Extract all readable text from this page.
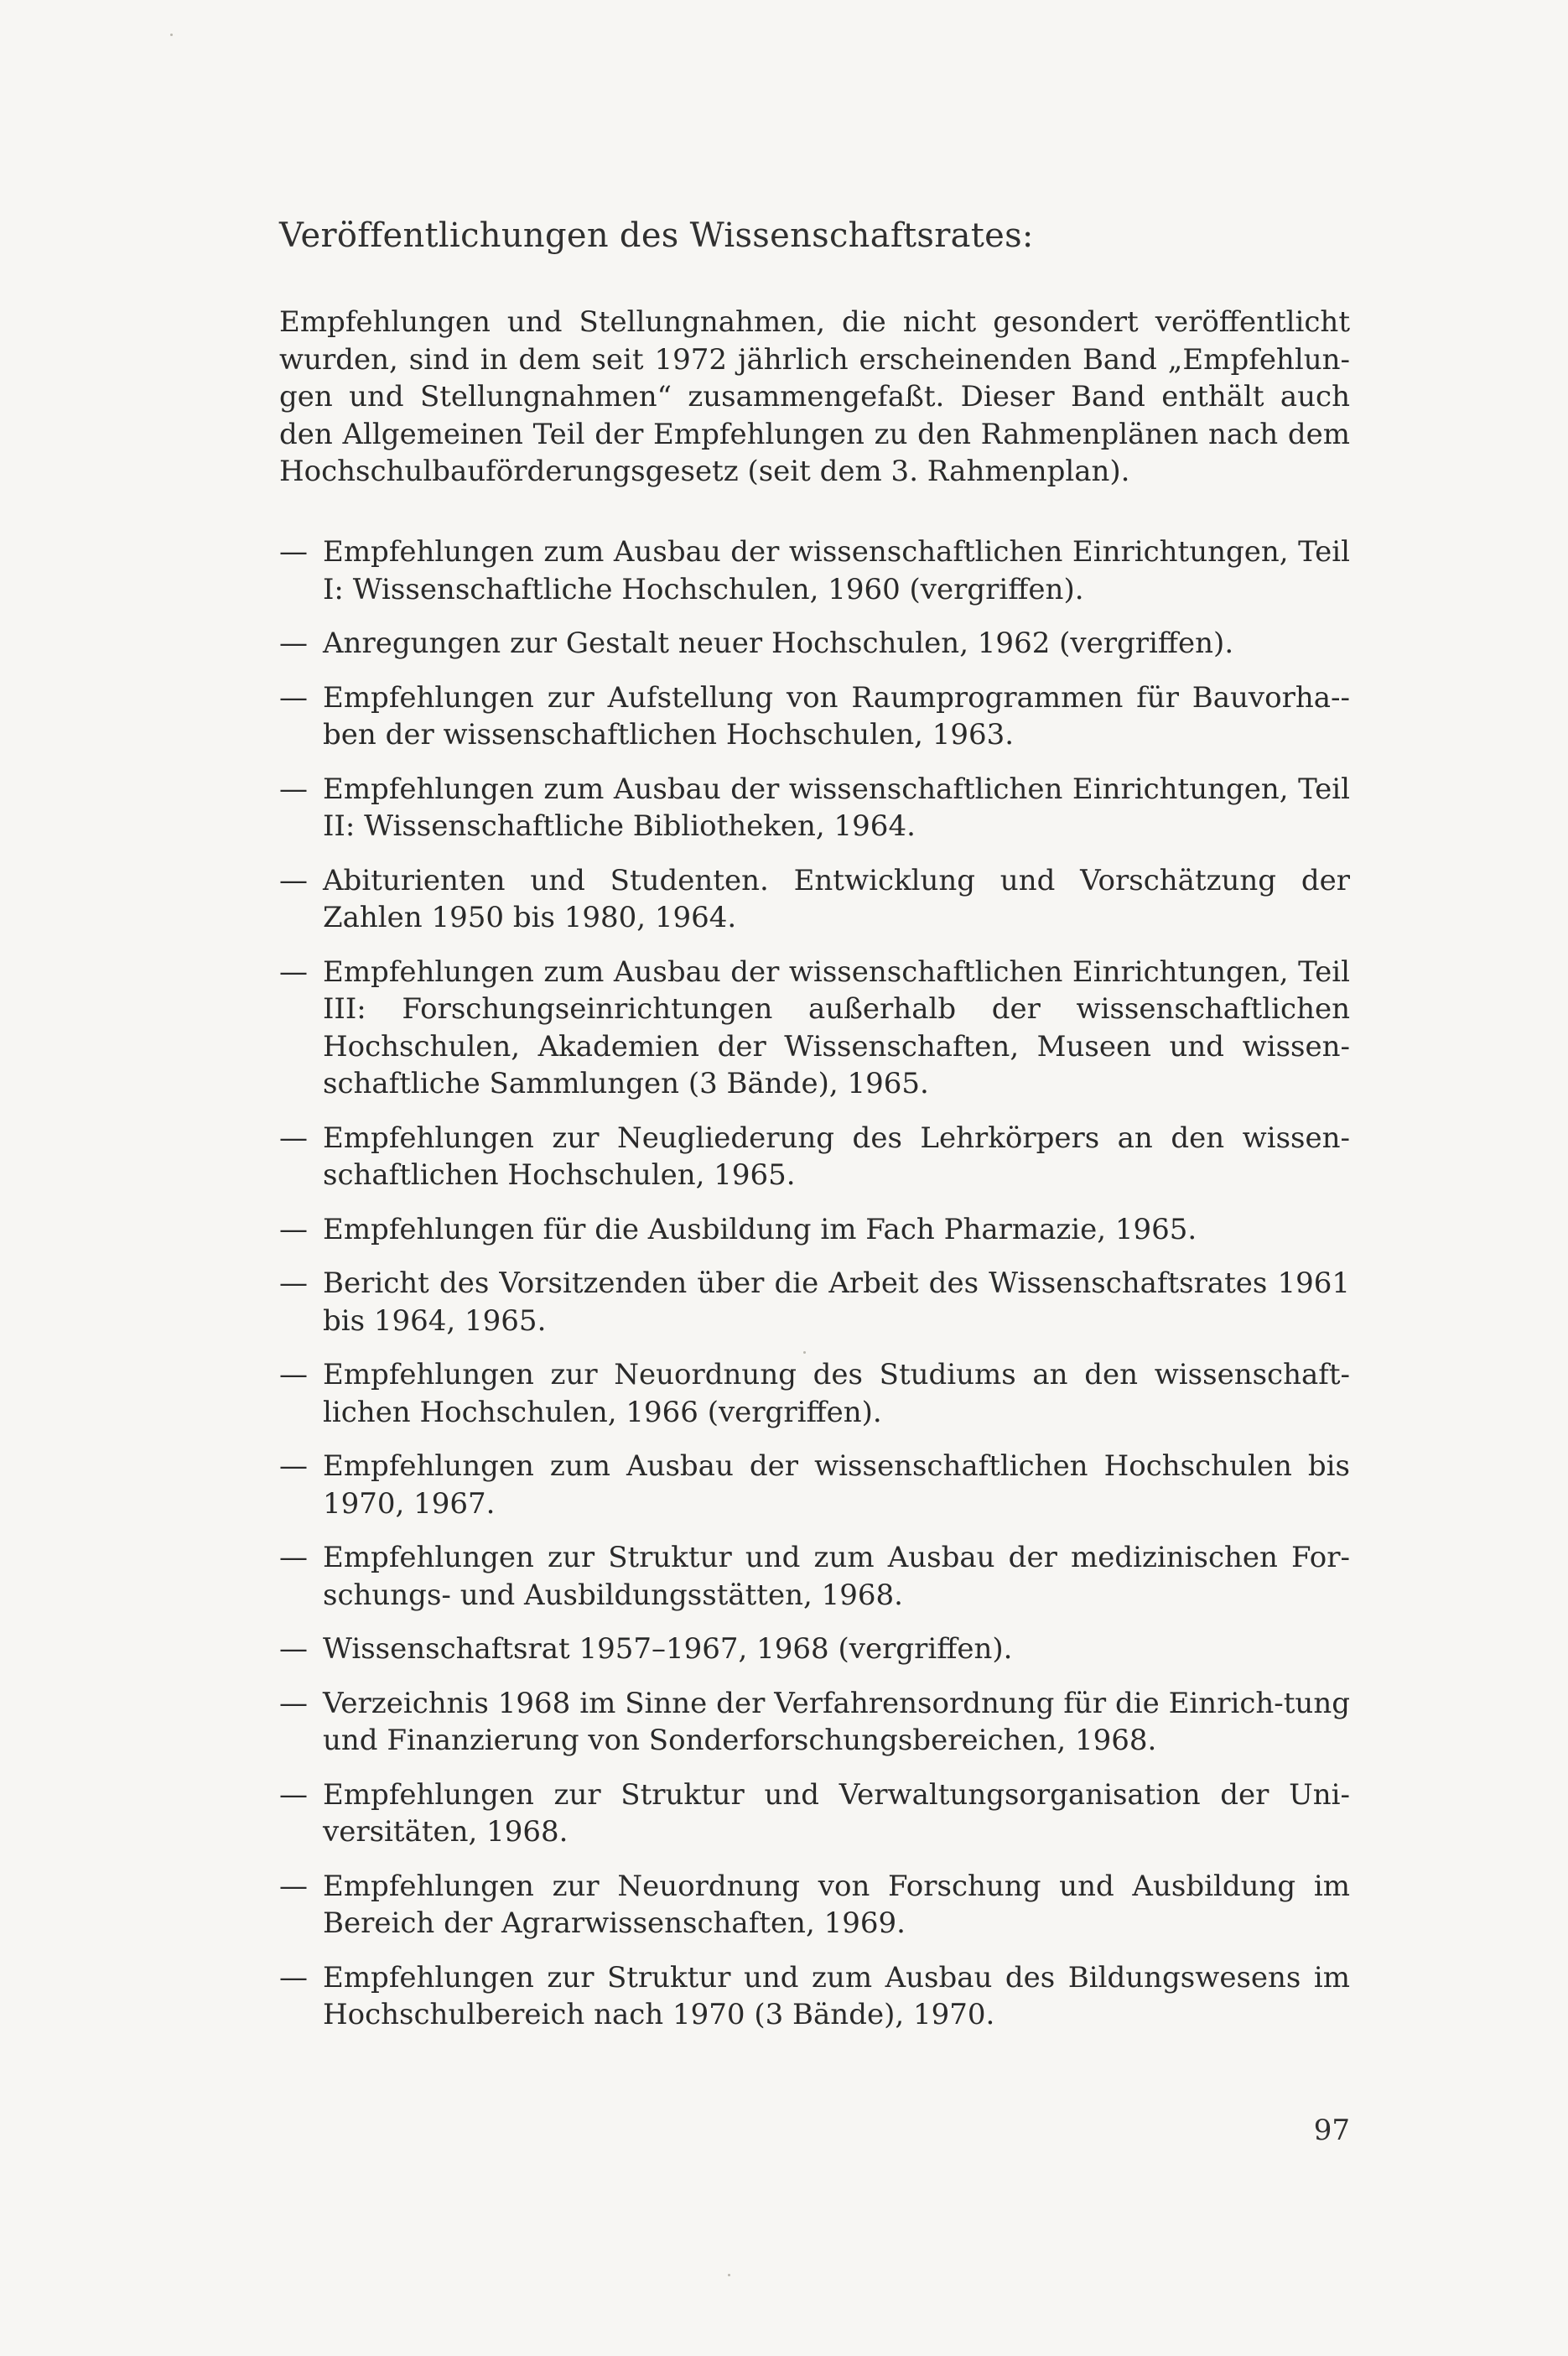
Veröffentlichungen des Wissenschaftsrates:
Empfehlungen und Stellungnahmen, die nicht gesondert veröffentlicht
wurden, sind in dem seit 1972 jährlich erscheinenden Band „Empfehlun-
gen und Stellungnahmen“ zusammengefaßt. Dieser Band enthält auch
den Allgemeinen Teil der Empfehlungen zu den Rahmenplänen nach dem
Hochschulbauförderungsgesetz (seit dem 3. Rahmenplan).
— Empfehlungen zum Ausbau der wissenschaftlichen Einrichtungen, Teil I: Wissenschaftliche Hochschulen, 1960 (vergriffen).
— Anregungen zur Gestalt neuer Hochschulen, 1962 (vergriffen).
— Empfehlungen zur Aufstellung von Raumprogrammen für Bauvorha-ben der wissenschaftlichen Hochschulen, 1963.
— Empfehlungen zum Ausbau der wissenschaftlichen Einrichtungen, Teil II: Wissenschaftliche Bibliotheken, 1964.
— Abiturienten und Studenten. Entwicklung und Vorschätzung der Zahlen 1950 bis 1980, 1964.
— Empfehlungen zum Ausbau der wissenschaftlichen Einrichtungen, Teil III: Forschungseinrichtungen außerhalb der wissenschaftlichen Hochschulen, Akademien der Wissenschaften, Museen und wissen-schaftliche Sammlungen (3 Bände), 1965.
— Empfehlungen zur Neugliederung des Lehrkörpers an den wissen-schaftlichen Hochschulen, 1965.
— Empfehlungen für die Ausbildung im Fach Pharmazie, 1965.
— Bericht des Vorsitzenden über die Arbeit des Wissenschaftsrates 1961 bis 1964, 1965.
— Empfehlungen zur Neuordnung des Studiums an den wissenschaft-lichen Hochschulen, 1966 (vergriffen).
— Empfehlungen zum Ausbau der wissenschaftlichen Hochschulen bis 1970, 1967.
— Empfehlungen zur Struktur und zum Ausbau der medizinischen For-schungs- und Ausbildungsstätten, 1968.
— Wissenschaftsrat 1957–1967, 1968 (vergriffen).
— Verzeichnis 1968 im Sinne der Verfahrensordnung für die Einrich-tung und Finanzierung von Sonderforschungsbereichen, 1968.
— Empfehlungen zur Struktur und Verwaltungsorganisation der Uni-versitäten, 1968.
— Empfehlungen zur Neuordnung von Forschung und Ausbildung im Bereich der Agrarwissenschaften, 1969.
— Empfehlungen zur Struktur und zum Ausbau des Bildungswesens im Hochschulbereich nach 1970 (3 Bände), 1970.
97
